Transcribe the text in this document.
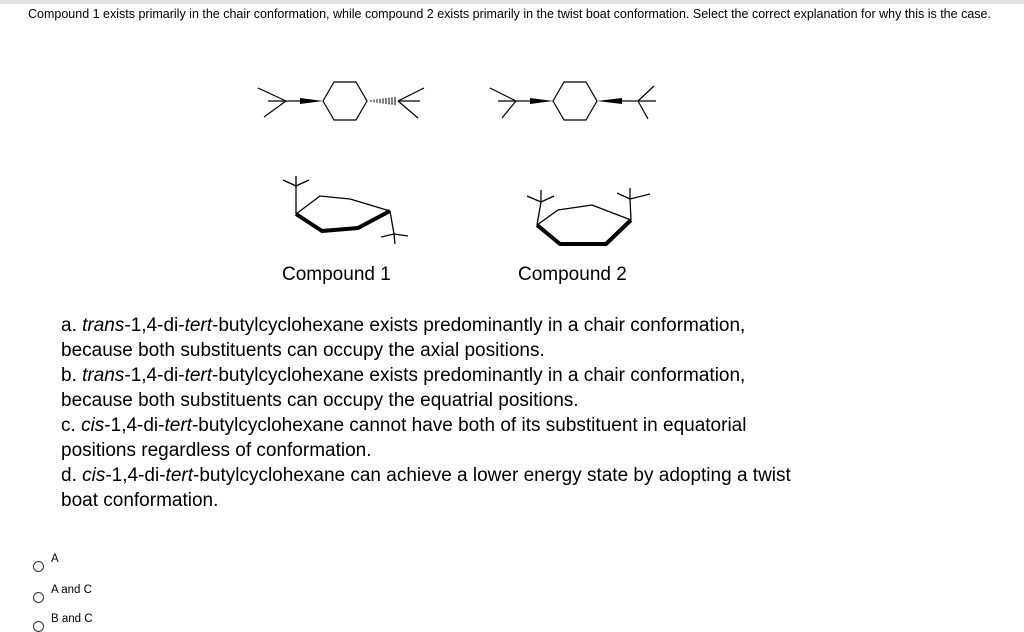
Compound 1 exists primarily in the chair conformation, while compound 2 exists primarily in the twist boat conformation. Select the correct explanation for why this is the case.
Compound 1	Compound 2
a. trans-1,4-di-tert-butylcyclohexane exists predominantly in a chair conformation,
because both substituents can occupy the axial positions.
b. trans-1,4-di-tert-butylcyclohexane exists predominantly in a chair conformation,
because both substituents can occupy the equatrial positions.
c. cis-1,4-di-tert-butylcyclohexane cannot have both of its substituent in equatorial
positions regardless of conformation.
d. cis-1,4-di-tert-butylcyclohexane can achieve a lower energy state by adopting a twist
boat conformation.
A
A and C
B and C
